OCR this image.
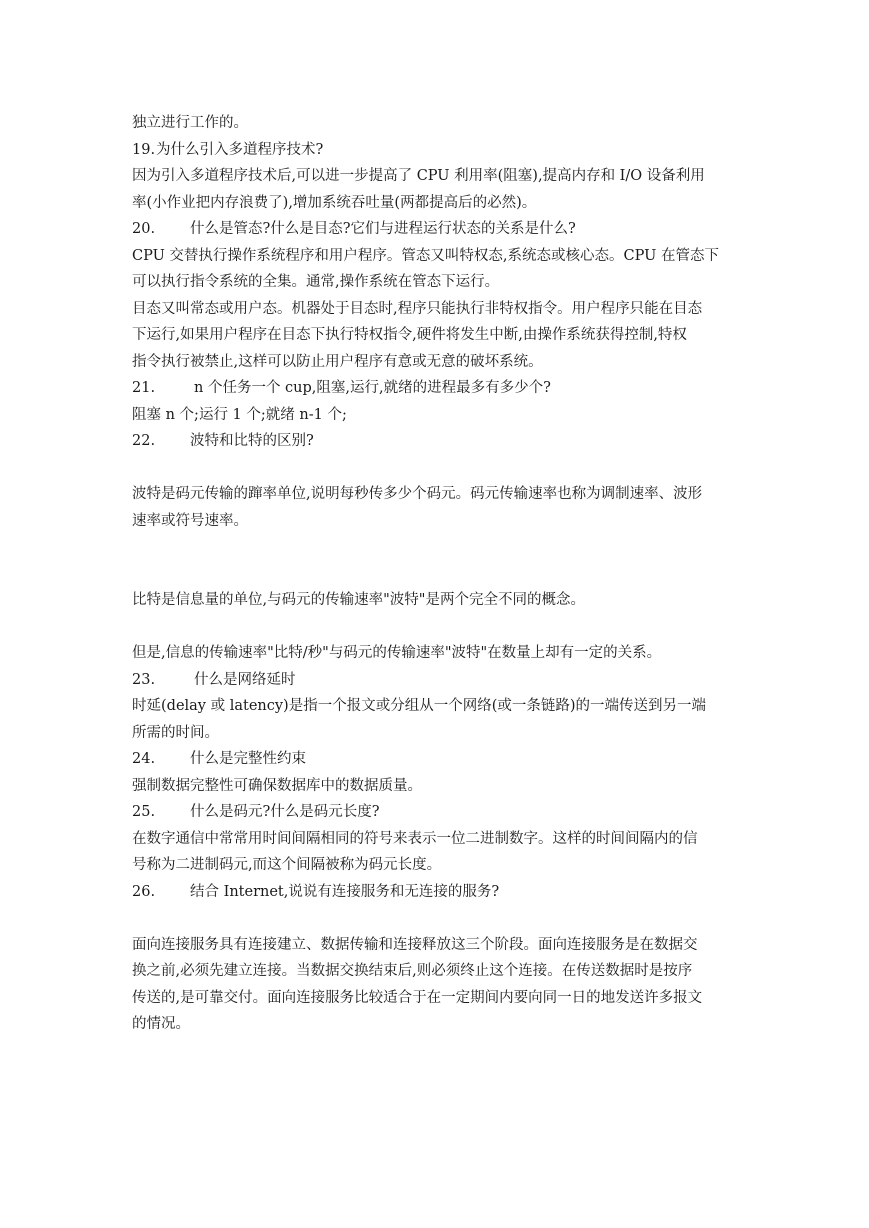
独立进行工作的。
19.为什么引入多道程序技术?
因为引入多道程序技术后,可以进一步提高了 CPU 利用率(阻塞),提高内存和 I/O 设备利用
率(小作业把内存浪费了),增加系统吞吐量(两都提高后的必然)。
20. 什么是管态?什么是目态?它们与进程运行状态的关系是什么?
CPU 交替执行操作系统程序和用户程序。管态又叫特权态,系统态或核心态。CPU 在管态下
可以执行指令系统的全集。通常,操作系统在管态下运行。
目态又叫常态或用户态。机器处于目态时,程序只能执行非特权指令。用户程序只能在目态
下运行,如果用户程序在目态下执行特权指令,硬件将发生中断,由操作系统获得控制,特权
指令执行被禁止,这样可以防止用户程序有意或无意的破坏系统。
21.	n 个任务一个 cup,阻塞,运行,就绪的进程最多有多少个?
阻塞 n 个;运行 1 个;就绪 n-1 个;
22. 波特和比特的区别?
波特是码元传输的蹿率单位,说明每秒传多少个码元。码元传输速率也称为调制速率、波形
速率或符号速率。
比特是信息量的单位,与码元的传输速率"波特"是两个完全不同的概念。
但是,信息的传输速率"比特/秒"与码元的传输速率"波特"在数量上却有一定的关系。
23.	什么是网络延时
时延(delay 或 latency)是指一个报文或分组从一个网络(或一条链路)的一端传送到另一端
所需的时间。
24. 什么是完整性约束
强制数据完整性可确保数据库中的数据质量。
25. 什么是码元?什么是码元长度?
在数字通信中常常用时间间隔相同的符号来表示一位二进制数字。这样的时间间隔内的信
号称为二进制码元,而这个间隔被称为码元长度。
26. 结合 Internet,说说有连接服务和无连接的服务?
面向连接服务具有连接建立、数据传输和连接释放这三个阶段。面向连接服务是在数据交
换之前,必须先建立连接。当数据交换结束后,则必须终止这个连接。在传送数据时是按序
传送的,是可靠交付。面向连接服务比较适合于在一定期间内要向同一日的地发送许多报文
的情况。
